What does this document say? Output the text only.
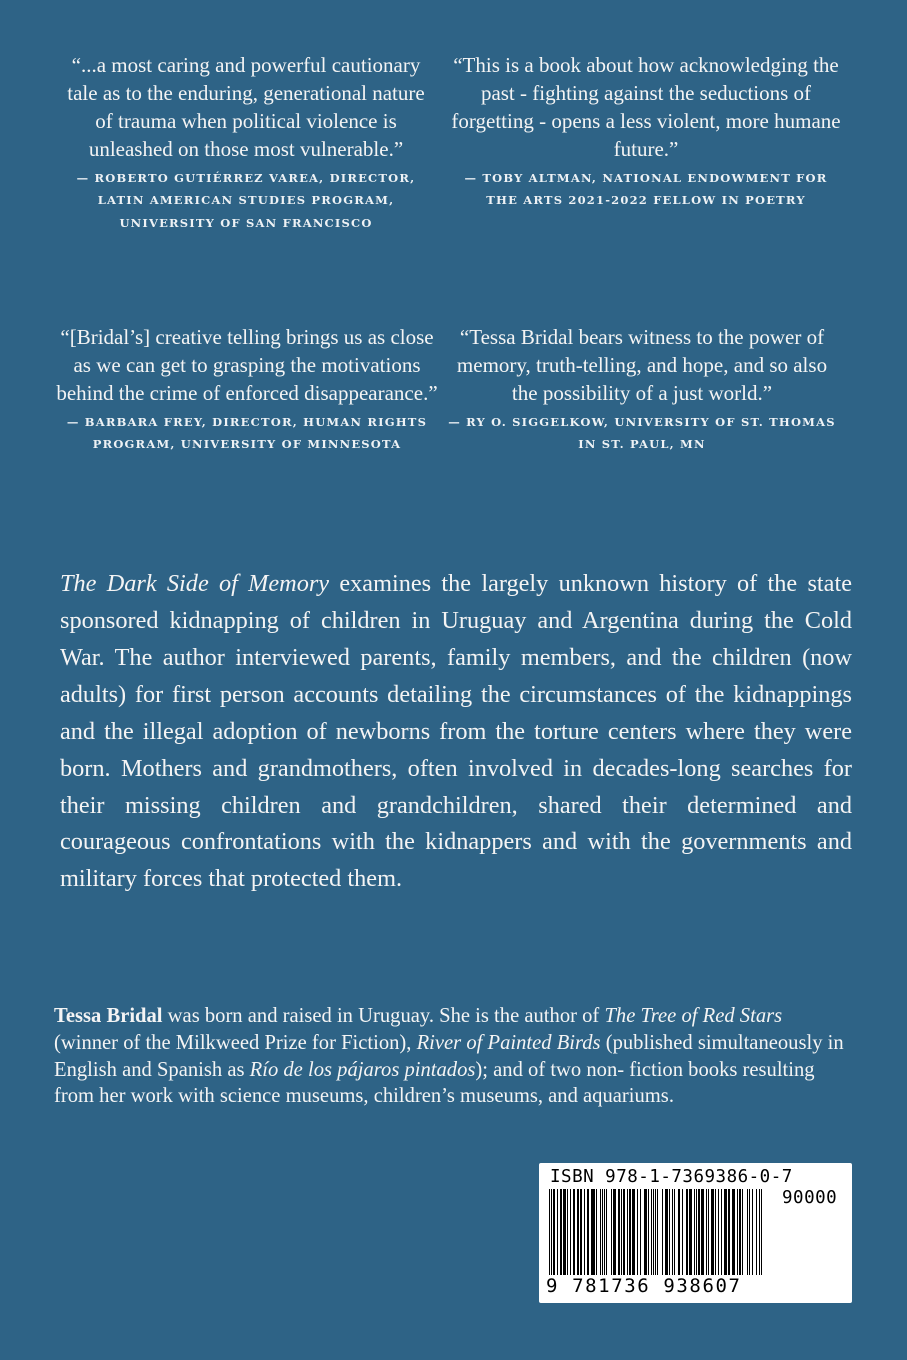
“...a most caring and powerful cautionary tale as to the enduring, generational nature of trauma when political violence is unleashed on those most vulnerable.”
— ROBERTO GUTIÉRREZ VAREA, DIRECTOR, LATIN AMERICAN STUDIES PROGRAM, UNIVERSITY OF SAN FRANCISCO
“This is a book about how acknowledging the past - fighting against the seductions of forgetting - opens a less violent, more humane future.”
— TOBY ALTMAN, NATIONAL ENDOWMENT FOR THE ARTS 2021-2022 FELLOW IN POETRY
“[Bridal’s] creative telling brings us as close as we can get to grasping the motivations behind the crime of enforced disappearance.”
— BARBARA FREY, DIRECTOR, HUMAN RIGHTS PROGRAM, UNIVERSITY OF MINNESOTA
“Tessa Bridal bears witness to the power of memory, truth-telling, and hope, and so also the possibility of a just world.”
— RY O. SIGGELKOW, UNIVERSITY OF ST. THOMAS IN ST. PAUL, MN

The Dark Side of Memory examines the largely unknown history of the state sponsored kidnapping of children in Uruguay and Argentina during the Cold War. The author interviewed parents, family members, and the children (now adults) for first person accounts detailing the circumstances of the kidnappings and the illegal adoption of newborns from the torture centers where they were born. Mothers and grandmothers, often involved in decades-long searches for their missing children and grandchildren, shared their determined and courageous confrontations with the kidnappers and with the governments and military forces that protected them.

Tessa Bridal was born and raised in Uruguay. She is the author of The Tree of Red Stars (winner of the Milkweed Prize for Fiction), River of Painted Birds (published simultaneously in English and Spanish as Río de los pájaros pintados); and of two non- fiction books resulting from her work with science museums, children’s museums, and aquariums.

ISBN 978-1-7369386-0-7
90000
9 781736 938607
